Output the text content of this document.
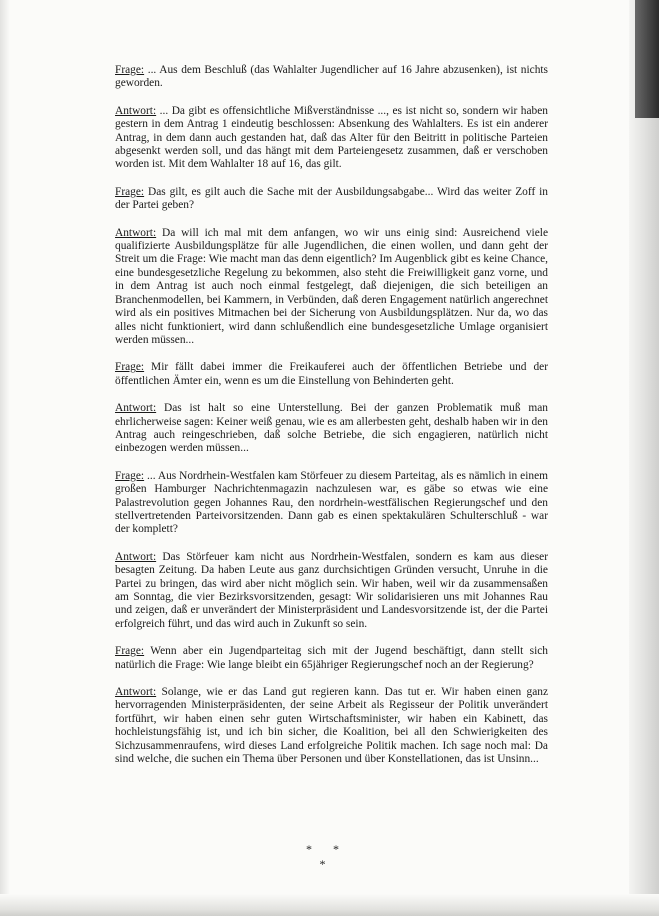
Frage: ... Aus dem Beschluß (das Wahlalter Jugendlicher auf 16 Jahre abzusenken), ist nichts geworden.

Antwort: ... Da gibt es offensichtliche Mißverständnisse ..., es ist nicht so, sondern wir haben gestern in dem Antrag 1 eindeutig beschlossen: Absenkung des Wahlalters. Es ist ein anderer Antrag, in dem dann auch gestanden hat, daß das Alter für den Beitritt in politische Parteien abgesenkt werden soll, und das hängt mit dem Parteiengesetz zusammen, daß er verschoben worden ist. Mit dem Wahlalter 18 auf 16, das gilt.

Frage: Das gilt, es gilt auch die Sache mit der Ausbildungsabgabe... Wird das weiter Zoff in der Partei geben?

Antwort: Da will ich mal mit dem anfangen, wo wir uns einig sind: Ausreichend viele qualifizierte Ausbildungsplätze für alle Jugendlichen, die einen wollen, und dann geht der Streit um die Frage: Wie macht man das denn eigentlich? Im Augenblick gibt es keine Chance, eine bundesgesetzliche Regelung zu bekommen, also steht die Freiwilligkeit ganz vorne, und in dem Antrag ist auch noch einmal festgelegt, daß diejenigen, die sich beteiligen an Branchenmodellen, bei Kammern, in Verbünden, daß deren Engagement natürlich angerechnet wird als ein positives Mitmachen bei der Sicherung von Ausbildungsplätzen. Nur da, wo das alles nicht funktioniert, wird dann schlußendlich eine bundesgesetzliche Umlage organisiert werden müssen...

Frage: Mir fällt dabei immer die Freikauferei auch der öffentlichen Betriebe und der öffentlichen Ämter ein, wenn es um die Einstellung von Behinderten geht.

Antwort: Das ist halt so eine Unterstellung. Bei der ganzen Problematik muß man ehrlicherweise sagen: Keiner weiß genau, wie es am allerbesten geht, deshalb haben wir in den Antrag auch reingeschrieben, daß solche Betriebe, die sich engagieren, natürlich nicht einbezogen werden müssen...

Frage: ... Aus Nordrhein-Westfalen kam Störfeuer zu diesem Parteitag, als es nämlich in einem großen Hamburger Nachrichtenmagazin nachzulesen war, es gäbe so etwas wie eine Palastrevolution gegen Johannes Rau, den nordrhein-westfälischen Regierungschef und den stellvertretenden Parteivorsitzenden. Dann gab es einen spektakulären Schulterschluß - war der komplett?

Antwort: Das Störfeuer kam nicht aus Nordrhein-Westfalen, sondern es kam aus dieser besagten Zeitung. Da haben Leute aus ganz durchsichtigen Gründen versucht, Unruhe in die Partei zu bringen, das wird aber nicht möglich sein. Wir haben, weil wir da zusammensaßen am Sonntag, die vier Bezirksvorsitzenden, gesagt: Wir solidarisieren uns mit Johannes Rau und zeigen, daß er unverändert der Ministerpräsident und Landesvorsitzende ist, der die Partei erfolgreich führt, und das wird auch in Zukunft so sein.

Frage: Wenn aber ein Jugendparteitag sich mit der Jugend beschäftigt, dann stellt sich natürlich die Frage: Wie lange bleibt ein 65jähriger Regierungschef noch an der Regierung?

Antwort: Solange, wie er das Land gut regieren kann. Das tut er. Wir haben einen ganz hervorragenden Ministerpräsidenten, der seine Arbeit als Regisseur der Politik unverändert fortführt, wir haben einen sehr guten Wirtschaftsminister, wir haben ein Kabinett, das hochleistungsfähig ist, und ich bin sicher, die Koalition, bei all den Schwierigkeiten des Sichzusammenraufens, wird dieses Land erfolgreiche Politik machen. Ich sage noch mal: Da sind welche, die suchen ein Thema über Personen und über Konstellationen, das ist Unsinn...

* * *
